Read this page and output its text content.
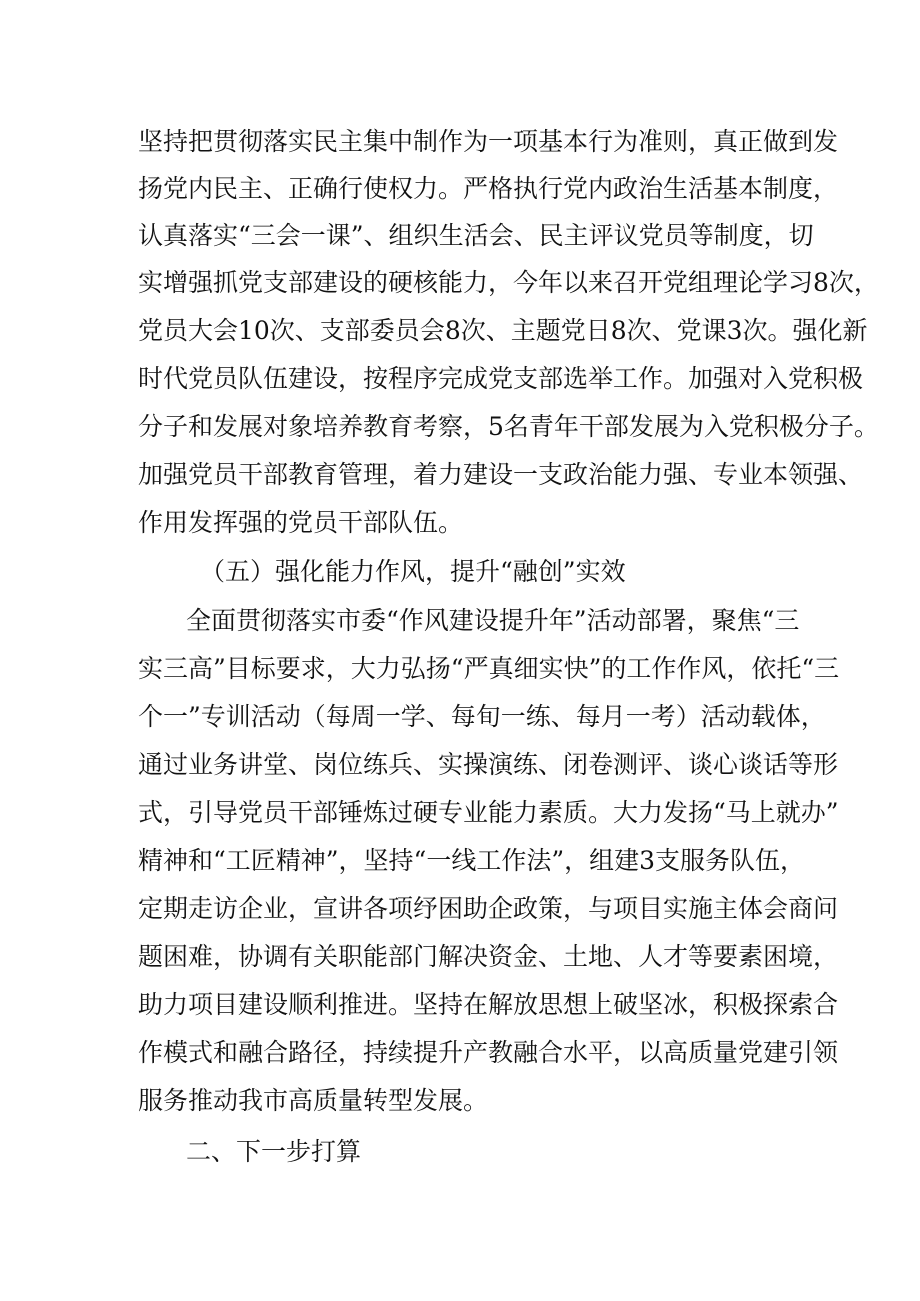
坚持把贯彻落实民主集中制作为一项基本行为准则，真正做到发
扬党内民主、正确行使权力。严格执行党内政治生活基本制度，
认真落实“三会一课”、组织生活会、民主评议党员等制度，切
实增强抓党支部建设的硬核能力，今年以来召开党组理论学习8次，
党员大会10次、支部委员会8次、主题党日8次、党课3次。强化新
时代党员队伍建设，按程序完成党支部选举工作。加强对入党积极
分子和发展对象培养教育考察，5名青年干部发展为入党积极分子。
加强党员干部教育管理，着力建设一支政治能力强、专业本领强、
作用发挥强的党员干部队伍。
（五）强化能力作风，提升“融创”实效
全面贯彻落实市委“作风建设提升年”活动部署，聚焦“三
实三高”目标要求，大力弘扬“严真细实快”的工作作风，依托“三
个一”专训活动（每周一学、每旬一练、每月一考）活动载体，
通过业务讲堂、岗位练兵、实操演练、闭卷测评、谈心谈话等形
式，引导党员干部锤炼过硬专业能力素质。大力发扬“马上就办”
精神和“工匠精神”，坚持“一线工作法”，组建3支服务队伍，
定期走访企业，宣讲各项纾困助企政策，与项目实施主体会商问
题困难，协调有关职能部门解决资金、土地、人才等要素困境，
助力项目建设顺利推进。坚持在解放思想上破坚冰，积极探索合
作模式和融合路径，持续提升产教融合水平，以高质量党建引领
服务推动我市高质量转型发展。
二、下一步打算
